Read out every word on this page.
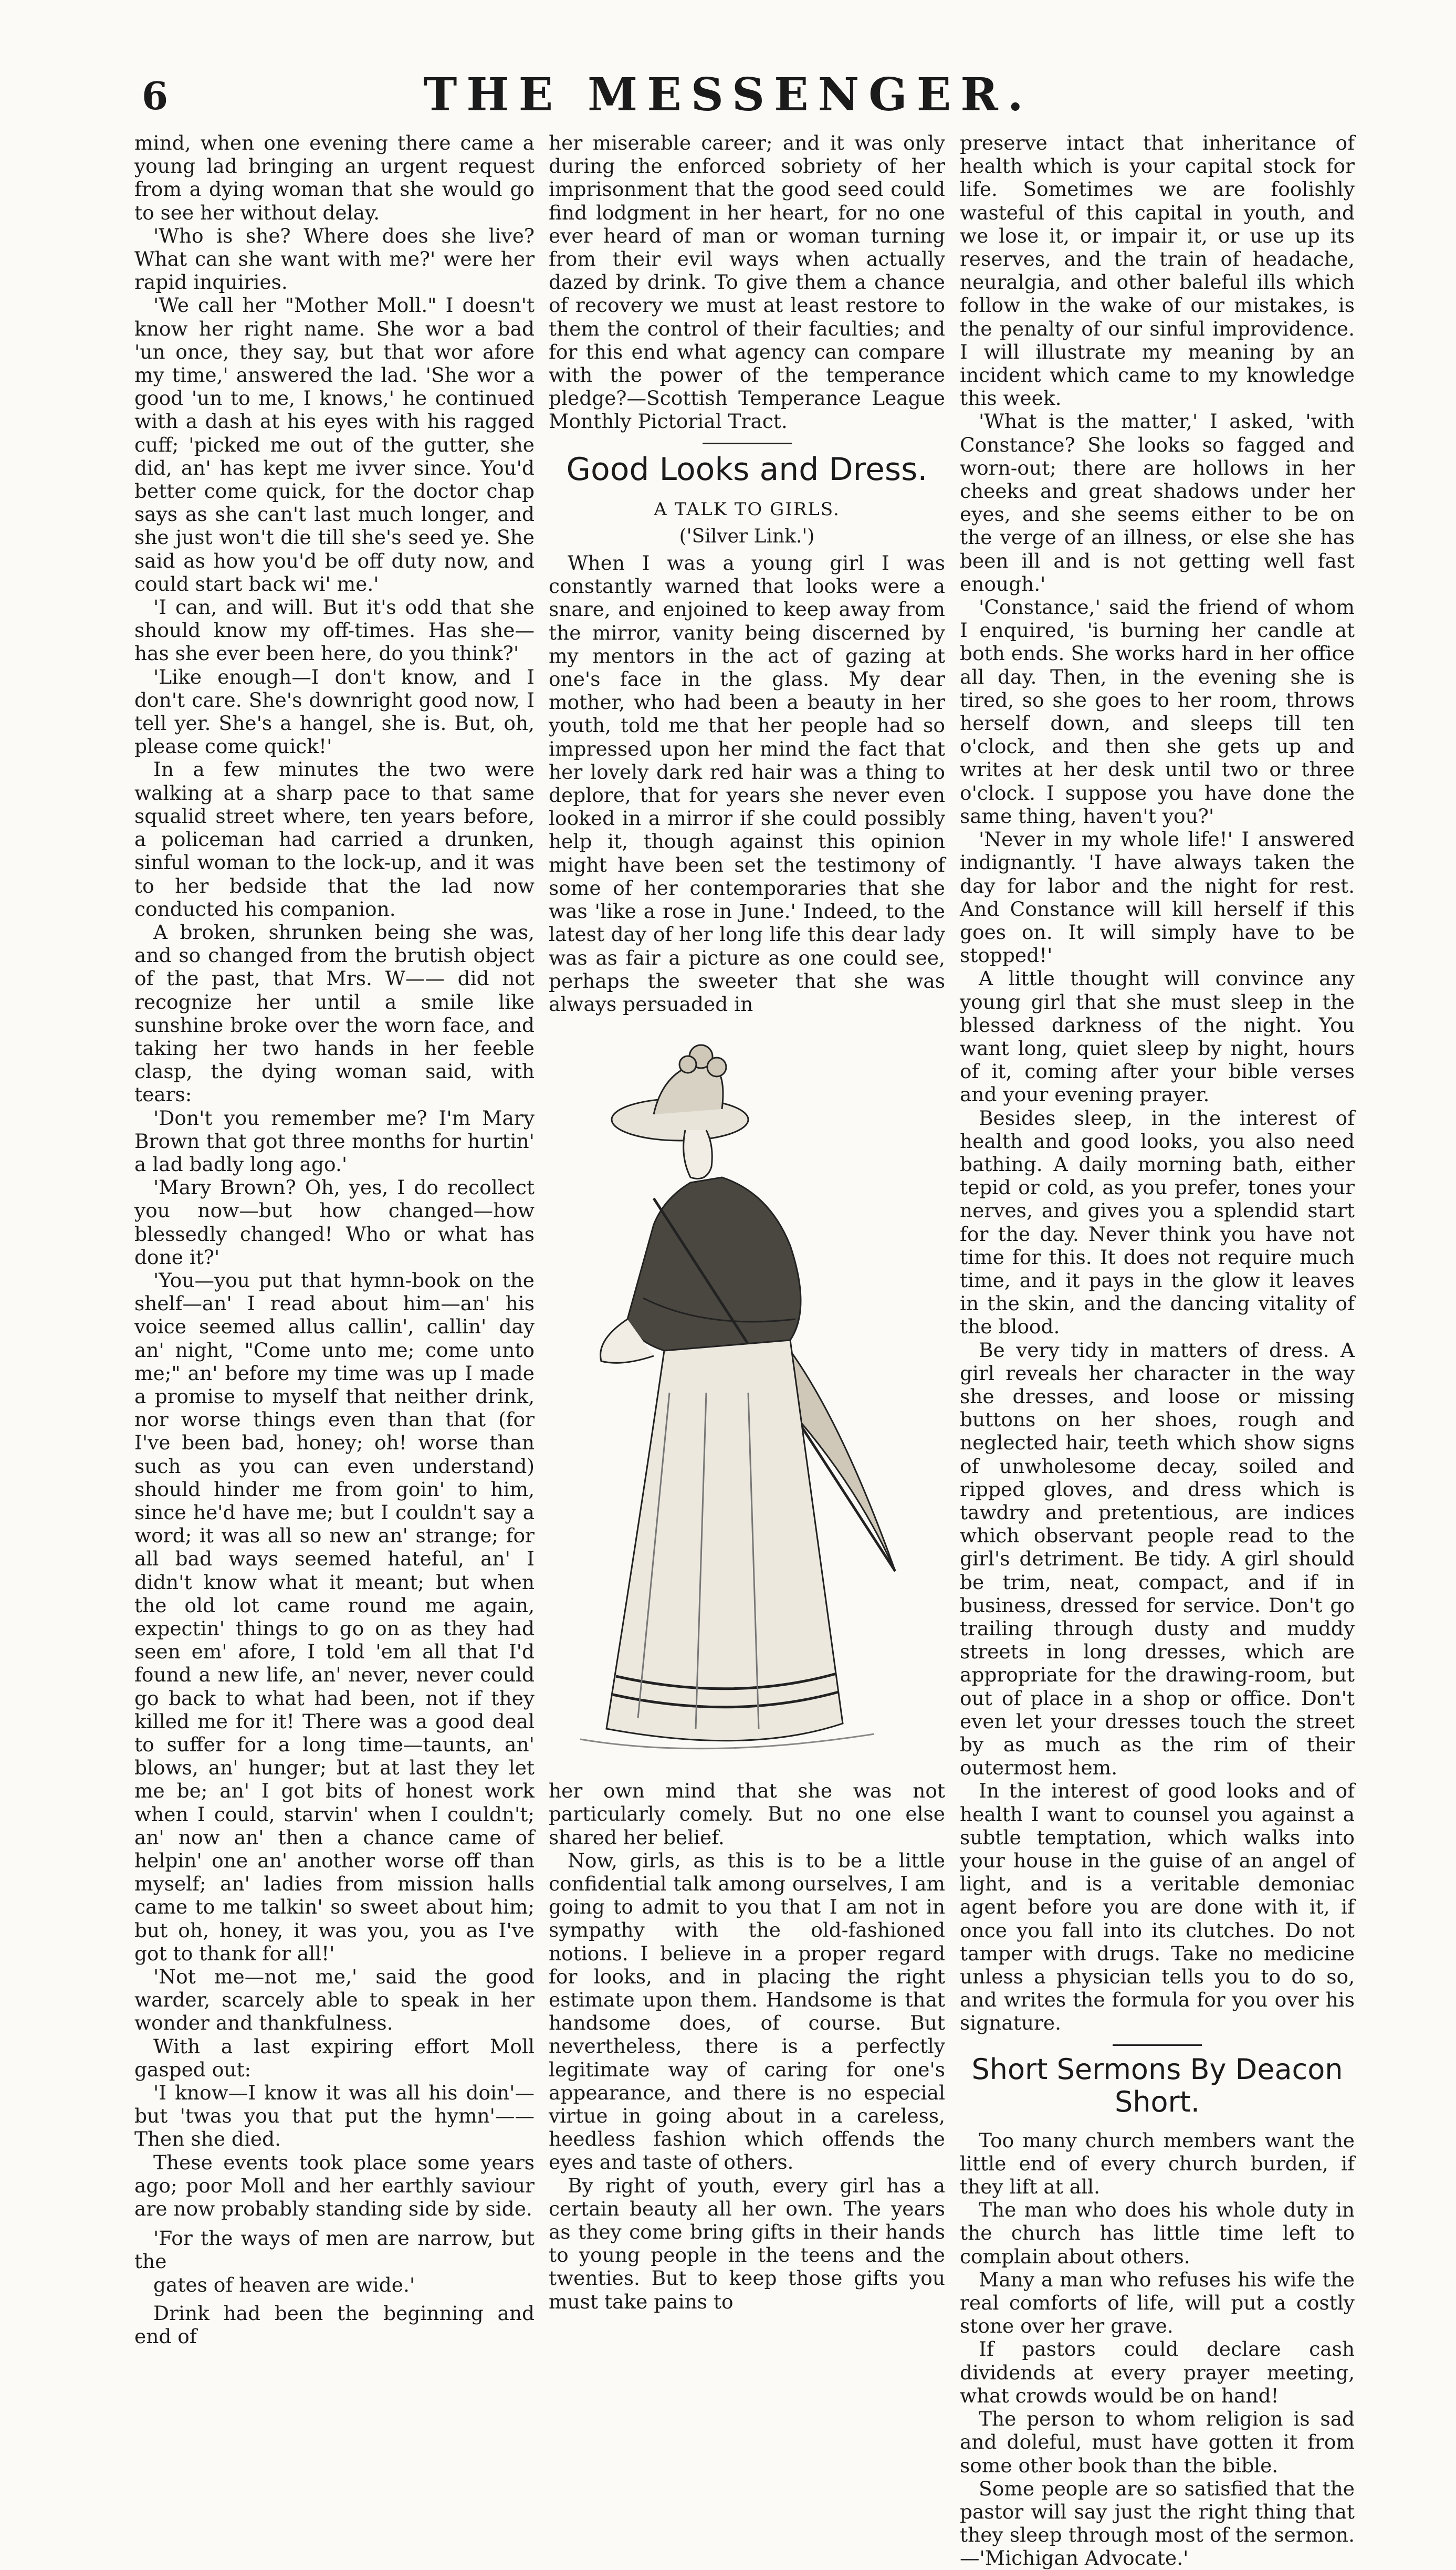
6	THE MESSENGER.

mind, when one evening there came a young lad bringing an urgent request from a dying woman that she would go to see her without delay.

'Who is she? Where does she live? What can she want with me?' were her rapid inquiries.

'We call her "Mother Moll." I doesn't know her right name. She wor a bad 'un once, they say, but that wor afore my time,' answered the lad. 'She wor a good 'un to me, I knows,' he continued with a dash at his eyes with his ragged cuff; 'picked me out of the gutter, she did, an' has kept me ivver since. You'd better come quick, for the doctor chap says as she can't last much longer, and she just won't die till she's seed ye. She said as how you'd be off duty now, and could start back wi' me.'

'I can, and will. But it's odd that she should know my off-times. Has she—has she ever been here, do you think?'

'Like enough—I don't know, and I don't care. She's downright good now, I tell yer. She's a hangel, she is. But, oh, please come quick!'

In a few minutes the two were walking at a sharp pace to that same squalid street where, ten years before, a policeman had carried a drunken, sinful woman to the lock-up, and it was to her bedside that the lad now conducted his companion.

A broken, shrunken being she was, and so changed from the brutish object of the past, that Mrs. W—— did not recognize her until a smile like sunshine broke over the worn face, and taking her two hands in her feeble clasp, the dying woman said, with tears:

'Don't you remember me? I'm Mary Brown that got three months for hurtin' a lad badly long ago.'

'Mary Brown? Oh, yes, I do recollect you now—but how changed—how blessedly changed! Who or what has done it?'

'You—you put that hymn-book on the shelf—an' I read about him—an' his voice seemed allus callin', callin' day an' night, "Come unto me; come unto me;" an' before my time was up I made a promise to myself that neither drink, nor worse things even than that (for I've been bad, honey; oh! worse than such as you can even understand) should hinder me from goin' to him, since he'd have me; but I couldn't say a word; it was all so new an' strange; for all bad ways seemed hateful, an' I didn't know what it meant; but when the old lot came round me again, expectin' things to go on as they had seen em' afore, I told 'em all that I'd found a new life, an' never, never could go back to what had been, not if they killed me for it! There was a good deal to suffer for a long time—taunts, an' blows, an' hunger; but at last they let me be; an' I got bits of honest work when I could, starvin' when I couldn't; an' now an' then a chance came of helpin' one an' another worse off than myself; an' ladies from mission halls came to me talkin' so sweet about him; but oh, honey, it was you, you as I've got to thank for all!'

'Not me—not me,' said the good warder, scarcely able to speak in her wonder and thankfulness.

With a last expiring effort Moll gasped out:

'I know—I know it was all his doin'—but 'twas you that put the hymn'——Then she died.

These events took place some years ago; poor Moll and her earthly saviour are now probably standing side by side.

'For the ways of men are narrow, but the

gates of heaven are wide.'

Drink had been the beginning and end of

her miserable career; and it was only during the enforced sobriety of her imprisonment that the good seed could find lodgment in her heart, for no one ever heard of man or woman turning from their evil ways when actually dazed by drink. To give them a chance of recovery we must at least restore to them the control of their faculties; and for this end what agency can compare with the power of the temperance pledge?—Scottish Temperance League Monthly Pictorial Tract.

Good Looks and Dress.
A TALK TO GIRLS.
('Silver Link.')

When I was a young girl I was constantly warned that looks were a snare, and enjoined to keep away from the mirror, vanity being discerned by my mentors in the act of gazing at one's face in the glass. My dear mother, who had been a beauty in her youth, told me that her people had so impressed upon her mind the fact that her lovely dark red hair was a thing to deplore, that for years she never even looked in a mirror if she could possibly help it, though against this opinion might have been set the testimony of some of her contemporaries that she was 'like a rose in June.' Indeed, to the latest day of her long life this dear lady was as fair a picture as one could see, perhaps the sweeter that she was always persuaded in

her own mind that she was not particularly comely. But no one else shared her belief.

Now, girls, as this is to be a little confidential talk among ourselves, I am going to admit to you that I am not in sympathy with the old-fashioned notions. I believe in a proper regard for looks, and in placing the right estimate upon them. Handsome is that handsome does, of course. But nevertheless, there is a perfectly legitimate way of caring for one's appearance, and there is no especial virtue in going about in a careless, heedless fashion which offends the eyes and taste of others.

By right of youth, every girl has a certain beauty all her own. The years as they come bring gifts in their hands to young people in the teens and the twenties. But to keep those gifts you must take pains to

preserve intact that inheritance of health which is your capital stock for life. Sometimes we are foolishly wasteful of this capital in youth, and we lose it, or impair it, or use up its reserves, and the train of headache, neuralgia, and other baleful ills which follow in the wake of our mistakes, is the penalty of our sinful improvidence. I will illustrate my meaning by an incident which came to my knowledge this week.

'What is the matter,' I asked, 'with Constance? She looks so fagged and worn-out; there are hollows in her cheeks and great shadows under her eyes, and she seems either to be on the verge of an illness, or else she has been ill and is not getting well fast enough.'

'Constance,' said the friend of whom I enquired, 'is burning her candle at both ends. She works hard in her office all day. Then, in the evening she is tired, so she goes to her room, throws herself down, and sleeps till ten o'clock, and then she gets up and writes at her desk until two or three o'clock. I suppose you have done the same thing, haven't you?'

'Never in my whole life!' I answered indignantly. 'I have always taken the day for labor and the night for rest. And Constance will kill herself if this goes on. It will simply have to be stopped!'

A little thought will convince any young girl that she must sleep in the blessed darkness of the night. You want long, quiet sleep by night, hours of it, coming after your bible verses and your evening prayer.

Besides sleep, in the interest of health and good looks, you also need bathing. A daily morning bath, either tepid or cold, as you prefer, tones your nerves, and gives you a splendid start for the day. Never think you have not time for this. It does not require much time, and it pays in the glow it leaves in the skin, and the dancing vitality of the blood.

Be very tidy in matters of dress. A girl reveals her character in the way she dresses, and loose or missing buttons on her shoes, rough and neglected hair, teeth which show signs of unwholesome decay, soiled and ripped gloves, and dress which is tawdry and pretentious, are indices which observant people read to the girl's detriment. Be tidy. A girl should be trim, neat, compact, and if in business, dressed for service. Don't go trailing through dusty and muddy streets in long dresses, which are appropriate for the drawing-room, but out of place in a shop or office. Don't even let your dresses touch the street by as much as the rim of their outermost hem.

In the interest of good looks and of health I want to counsel you against a subtle temptation, which walks into your house in the guise of an angel of light, and is a veritable demoniac agent before you are done with it, if once you fall into its clutches. Do not tamper with drugs. Take no medicine unless a physician tells you to do so, and writes the formula for you over his signature.

Short Sermons By Deacon Short.

Too many church members want the little end of every church burden, if they lift at all.

The man who does his whole duty in the church has little time left to complain about others.

Many a man who refuses his wife the real comforts of life, will put a costly stone over her grave.

If pastors could declare cash dividends at every prayer meeting, what crowds would be on hand!

The person to whom religion is sad and doleful, must have gotten it from some other book than the bible.

Some people are so satisfied that the pastor will say just the right thing that they sleep through most of the sermon.—'Michigan Advocate.'
